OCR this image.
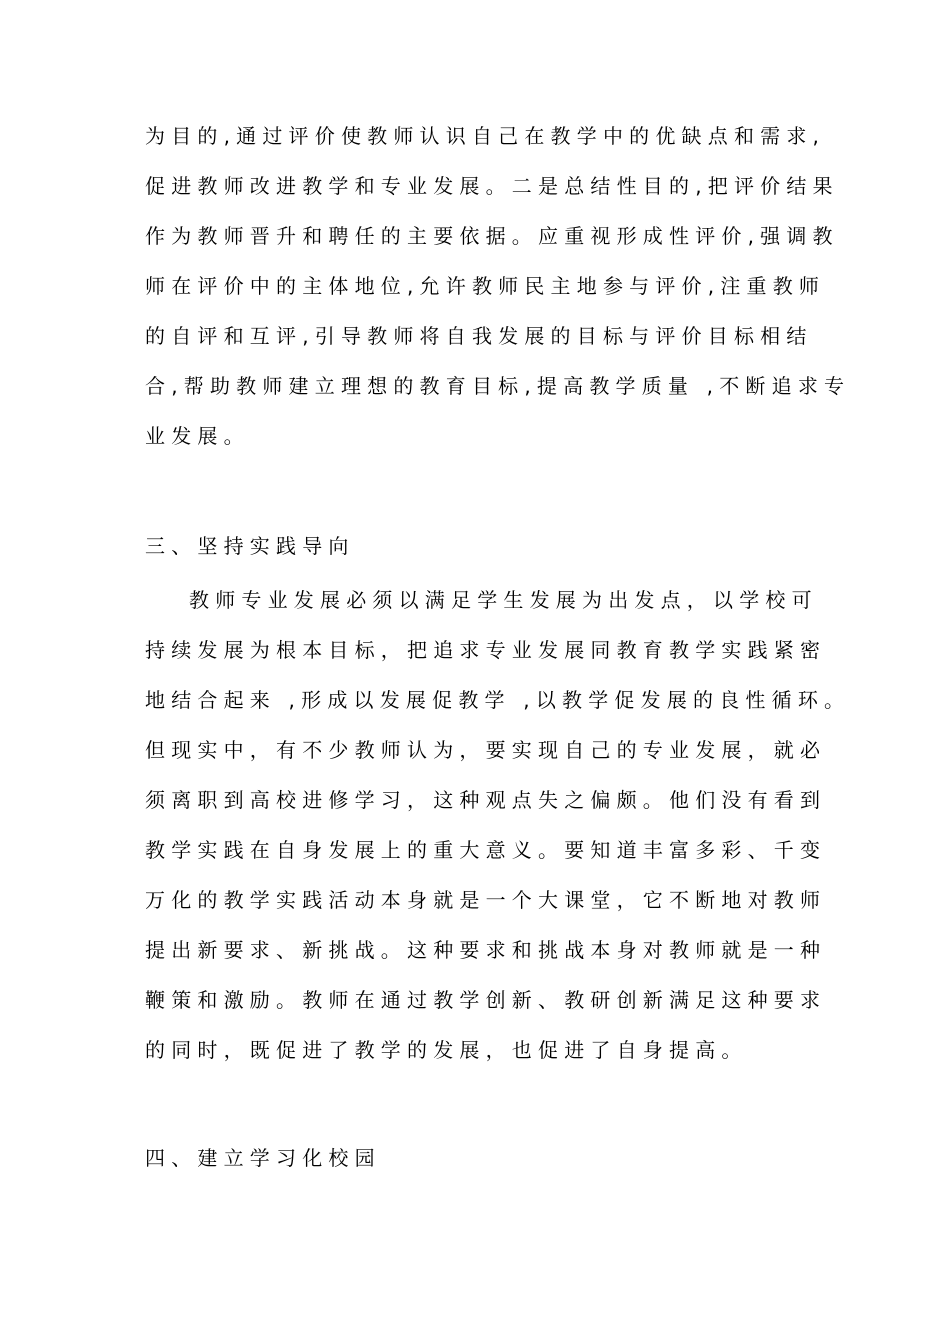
为目的,通过评价使教师认识自己在教学中的优缺点和需求,
促进教师改进教学和专业发展。二是总结性目的,把评价结果
作为教师晋升和聘任的主要依据。应重视形成性评价,强调教
师在评价中的主体地位,允许教师民主地参与评价,注重教师
的自评和互评,引导教师将自我发展的目标与评价目标相结
合,帮助教师建立理想的教育目标,提高教学质量 ,不断追求专
业发展。
三、坚持实践导向
教师专业发展必须以满足学生发展为出发点，以学校可
持续发展为根本目标，把追求专业发展同教育教学实践紧密
地结合起来 ,形成以发展促教学 ,以教学促发展的良性循环。
但现实中，有不少教师认为，要实现自己的专业发展，就必
须离职到高校进修学习，这种观点失之偏颇。他们没有看到
教学实践在自身发展上的重大意义。要知道丰富多彩、千变
万化的教学实践活动本身就是一个大课堂，它不断地对教师
提出新要求、新挑战。这种要求和挑战本身对教师就是一种
鞭策和激励。教师在通过教学创新、教研创新满足这种要求
的同时，既促进了教学的发展，也促进了自身提高。
四、建立学习化校园
